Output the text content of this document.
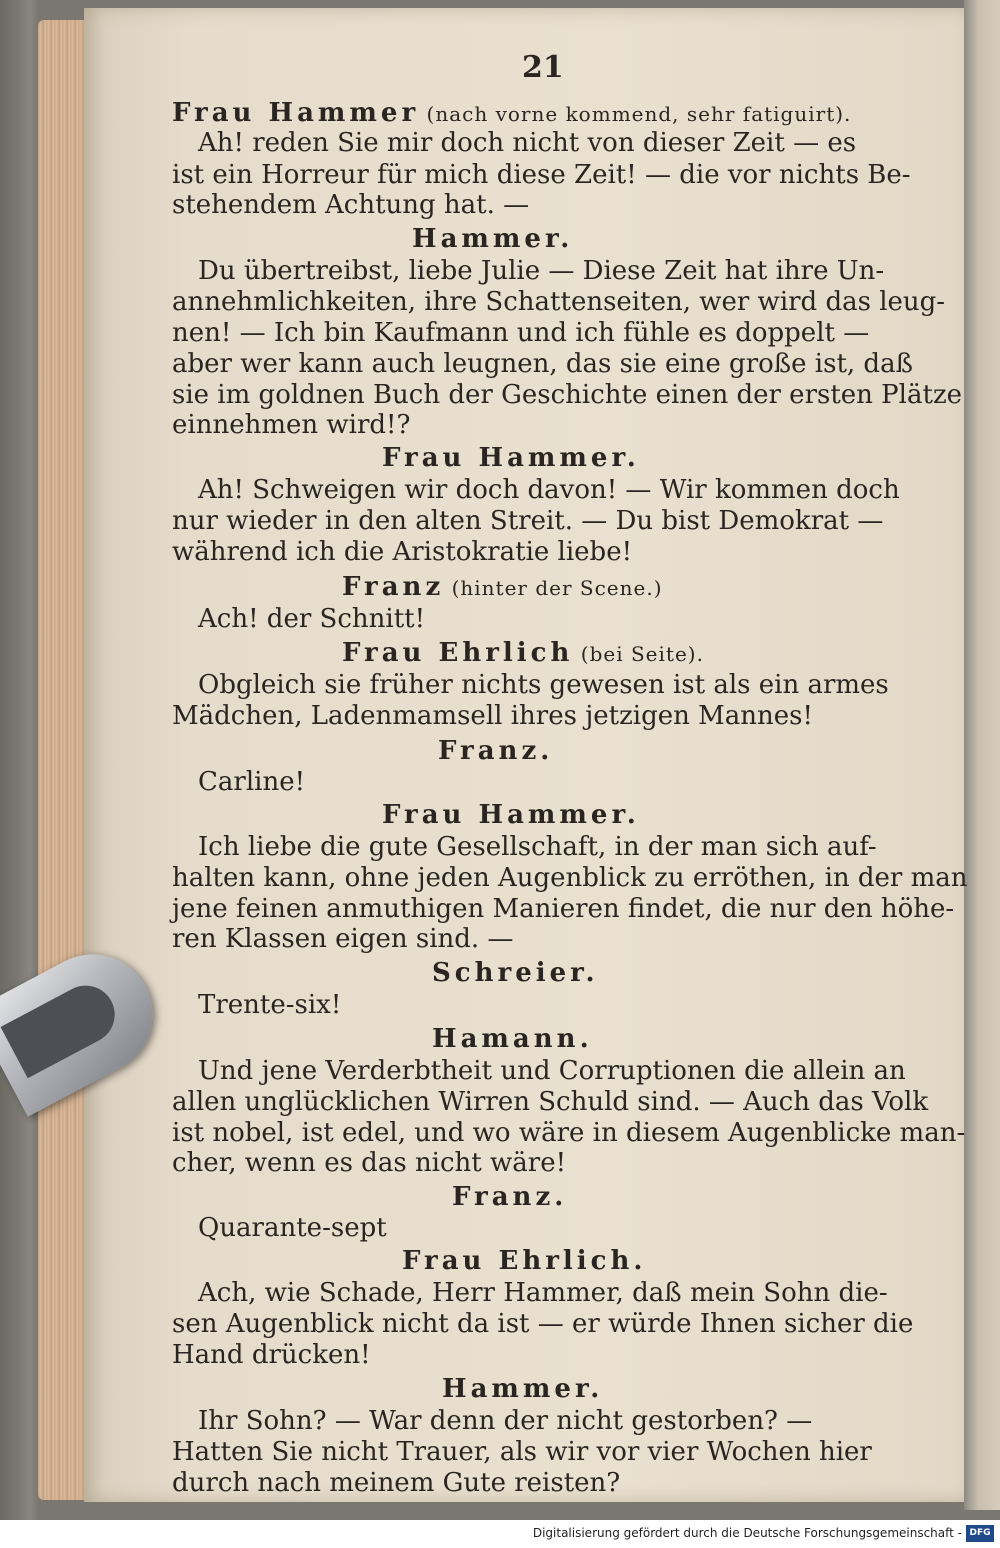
21
Frau Hammer (nach vorne kommend, sehr fatiguirt).
Ah! reden Sie mir doch nicht von dieser Zeit — es
ist ein Horreur für mich diese Zeit! — die vor nichts Be-
stehendem Achtung hat. —
Hammer.
Du übertreibst, liebe Julie — Diese Zeit hat ihre Un-
annehmlichkeiten, ihre Schattenseiten, wer wird das leug-
nen! — Ich bin Kaufmann und ich fühle es doppelt —
aber wer kann auch leugnen, das sie eine große ist, daß
sie im goldnen Buch der Geschichte einen der ersten Plätze
einnehmen wird!?
Frau Hammer.
Ah! Schweigen wir doch davon! — Wir kommen doch
nur wieder in den alten Streit. — Du bist Demokrat —
während ich die Aristokratie liebe!
Franz (hinter der Scene.)
Ach! der Schnitt!
Frau Ehrlich (bei Seite).
Obgleich sie früher nichts gewesen ist als ein armes
Mädchen, Ladenmamsell ihres jetzigen Mannes!
Franz.
Carline!
Frau Hammer.
Ich liebe die gute Gesellschaft, in der man sich auf-
halten kann, ohne jeden Augenblick zu erröthen, in der man
jene feinen anmuthigen Manieren findet, die nur den höhe-
ren Klassen eigen sind. —
Schreier.
Trente-six!
Hamann.
Und jene Verderbtheit und Corruptionen die allein an
allen unglücklichen Wirren Schuld sind. — Auch das Volk
ist nobel, ist edel, und wo wäre in diesem Augenblicke man-
cher, wenn es das nicht wäre!
Franz.
Quarante-sept
Frau Ehrlich.
Ach, wie Schade, Herr Hammer, daß mein Sohn die-
sen Augenblick nicht da ist — er würde Ihnen sicher die
Hand drücken!
Hammer.
Ihr Sohn? — War denn der nicht gestorben? —
Hatten Sie nicht Trauer, als wir vor vier Wochen hier
durch nach meinem Gute reisten?
Digitalisierung gefördert durch die Deutsche Forschungsgemeinschaft - DFG
